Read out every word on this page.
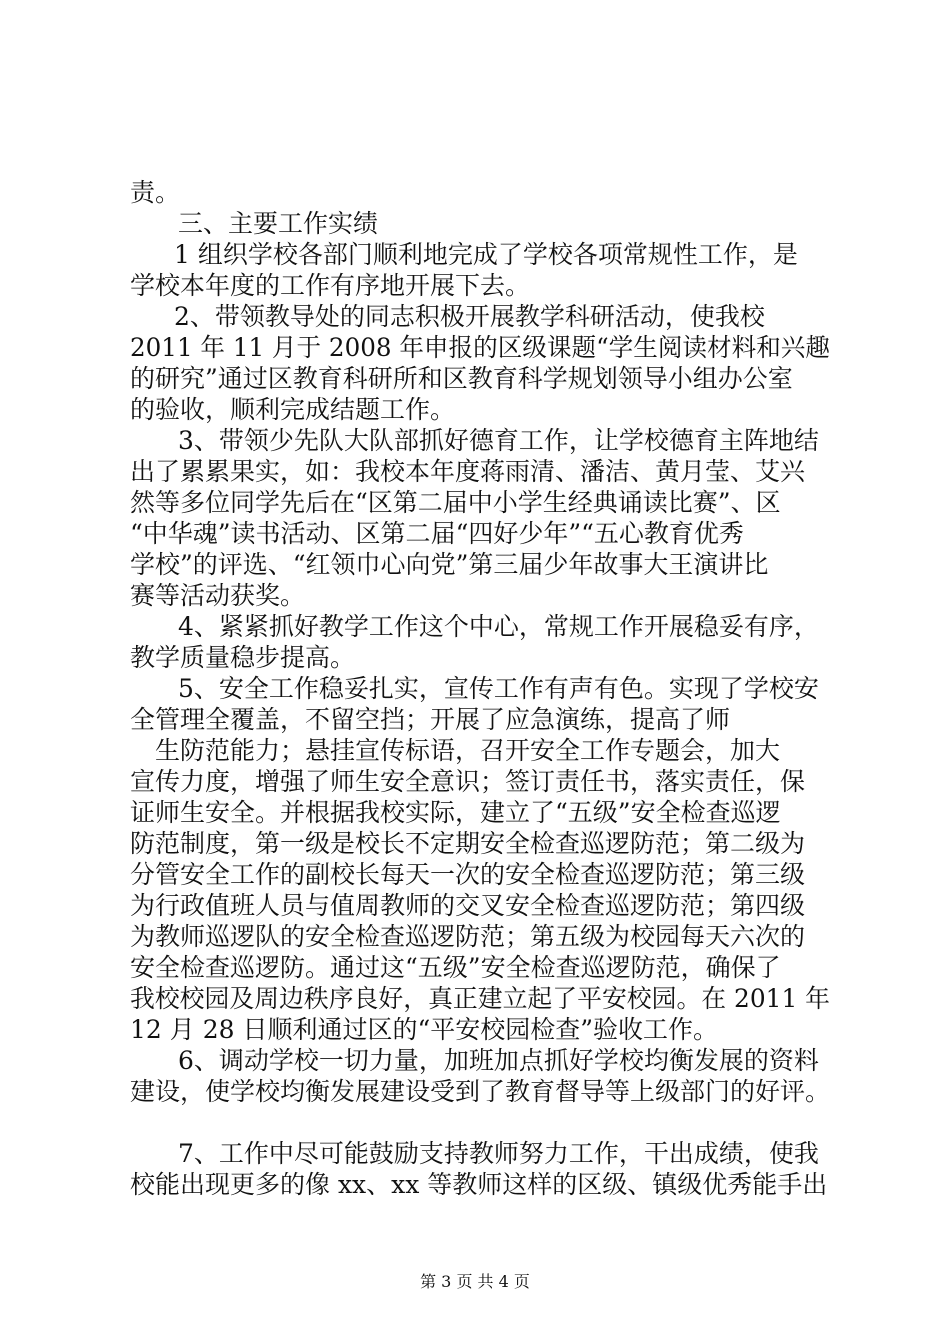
责。
三、主要工作实绩
1 组织学校各部门顺利地完成了学校各项常规性工作，是
学校本年度的工作有序地开展下去。
2、带领教导处的同志积极开展教学科研活动，使我校
2011 年 11 月于 2008 年申报的区级课题“学生阅读材料和兴趣
的研究”通过区教育科研所和区教育科学规划领导小组办公室
的验收，顺利完成结题工作。
3、带领少先队大队部抓好德育工作，让学校德育主阵地结
出了累累果实，如：我校本年度蒋雨清、潘洁、黄月莹、艾兴
然等多位同学先后在“区第二届中小学生经典诵读比赛”、区
“中华魂”读书活动、区第二届“四好少年”“五心教育优秀
学校”的评选、“红领巾心向党”第三届少年故事大王演讲比
赛等活动获奖。
4、紧紧抓好教学工作这个中心，常规工作开展稳妥有序，
教学质量稳步提高。
5、安全工作稳妥扎实，宣传工作有声有色。实现了学校安
全管理全覆盖，不留空挡；开展了应急演练，提高了师
生防范能力；悬挂宣传标语，召开安全工作专题会，加大
宣传力度，增强了师生安全意识；签订责任书，落实责任，保
证师生安全。并根据我校实际，建立了“五级”安全检查巡逻
防范制度，第一级是校长不定期安全检查巡逻防范；第二级为
分管安全工作的副校长每天一次的安全检查巡逻防范；第三级
为行政值班人员与值周教师的交叉安全检查巡逻防范；第四级
为教师巡逻队的安全检查巡逻防范；第五级为校园每天六次的
安全检查巡逻防。通过这“五级”安全检查巡逻防范，确保了
我校校园及周边秩序良好，真正建立起了平安校园。在 2011 年
12 月 28 日顺利通过区的“平安校园检查”验收工作。
6、调动学校一切力量，加班加点抓好学校均衡发展的资料
建设，使学校均衡发展建设受到了教育督导等上级部门的好评。
7、工作中尽可能鼓励支持教师努力工作，干出成绩，使我
校能出现更多的像 xx、xx 等教师这样的区级、镇级优秀能手出
第 3 页 共 4 页
